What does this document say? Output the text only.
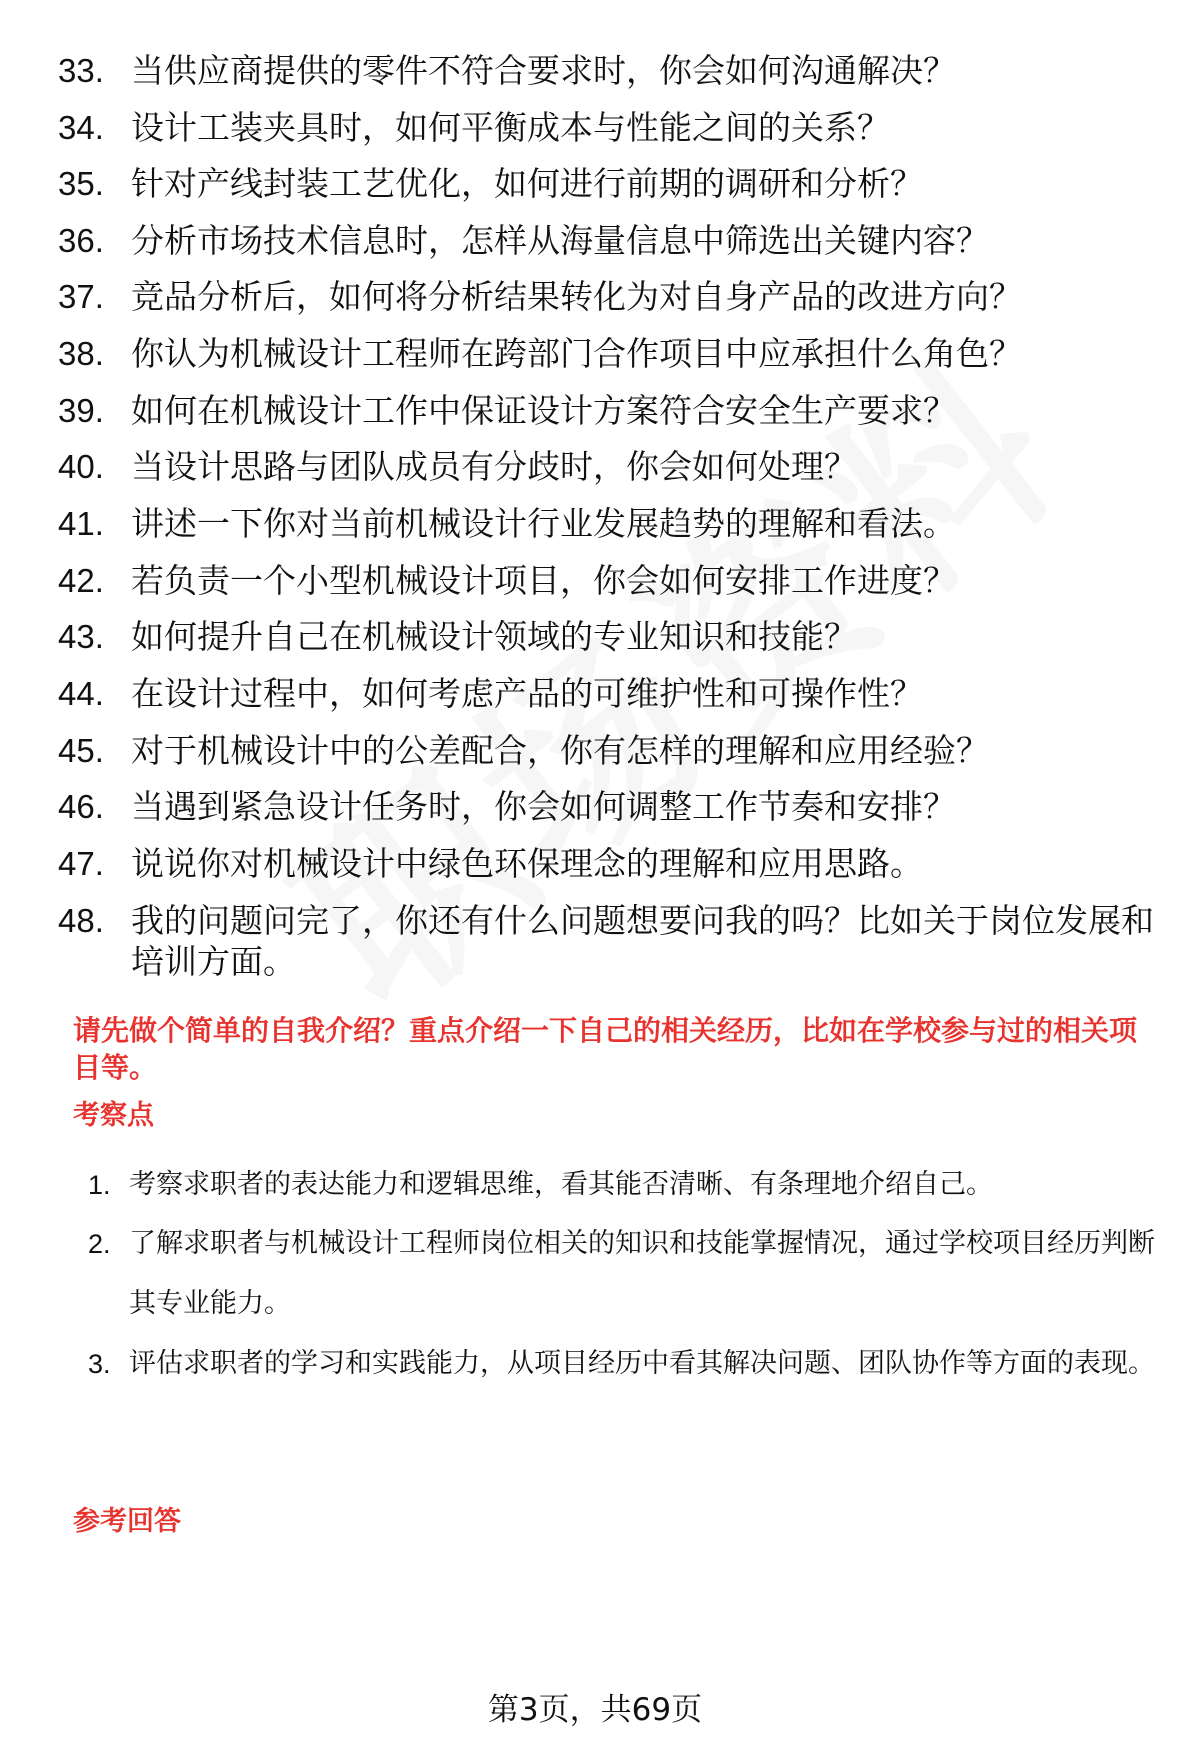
33. 当供应商提供的零件不符合要求时，你会如何沟通解决？
34. 设计工装夹具时，如何平衡成本与性能之间的关系？
35. 针对产线封装工艺优化，如何进行前期的调研和分析？
36. 分析市场技术信息时，怎样从海量信息中筛选出关键内容？
37. 竞品分析后，如何将分析结果转化为对自身产品的改进方向？
38. 你认为机械设计工程师在跨部门合作项目中应承担什么角色？
39. 如何在机械设计工作中保证设计方案符合安全生产要求？
40. 当设计思路与团队成员有分歧时，你会如何处理？
41. 讲述一下你对当前机械设计行业发展趋势的理解和看法。
42. 若负责一个小型机械设计项目，你会如何安排工作进度？
43. 如何提升自己在机械设计领域的专业知识和技能？
44. 在设计过程中，如何考虑产品的可维护性和可操作性？
45. 对于机械设计中的公差配合，你有怎样的理解和应用经验？
46. 当遇到紧急设计任务时，你会如何调整工作节奏和安排？
47. 说说你对机械设计中绿色环保理念的理解和应用思路。
48. 我的问题问完了，你还有什么问题想要问我的吗？比如关于岗位发展和培训方面。
请先做个简单的自我介绍？重点介绍一下自己的相关经历，比如在学校参与过的相关项目等。
考察点
1. 考察求职者的表达能力和逻辑思维，看其能否清晰、有条理地介绍自己。
2. 了解求职者与机械设计工程师岗位相关的知识和技能掌握情况，通过学校项目经历判断其专业能力。
3. 评估求职者的学习和实践能力，从项目经历中看其解决问题、团队协作等方面的表现。
参考回答
第3页，共69页
